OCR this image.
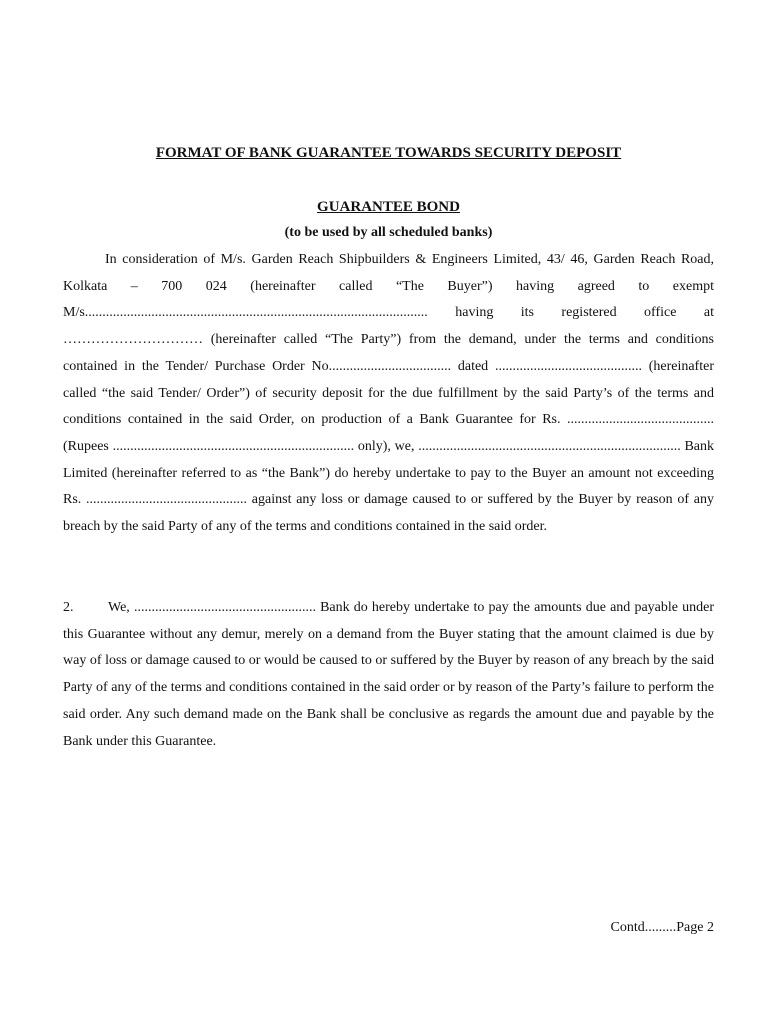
FORMAT OF BANK GUARANTEE TOWARDS SECURITY DEPOSIT
GUARANTEE BOND
(to be used by all scheduled banks)

In consideration of M/s. Garden Reach Shipbuilders & Engineers Limited, 43/ 46, Garden Reach Road, Kolkata – 700 024 (hereinafter called “The Buyer”) having agreed to exempt M/s.................................................................................................. having its registered office at ………………………… (hereinafter called “The Party”) from the demand, under the terms and conditions contained in the Tender/ Purchase Order No................................... dated .......................................... (hereinafter called “the said Tender/ Order”) of security deposit for the due fulfillment by the said Party’s of the terms and conditions contained in the said Order, on production of a Bank Guarantee for Rs. .......................................... (Rupees ..................................................................... only), we, ........................................................................... Bank Limited (hereinafter referred to as “the Bank”) do hereby undertake to pay to the Buyer an amount not exceeding Rs. .............................................. against any loss or damage caused to or suffered by the Buyer by reason of any breach by the said Party of any of the terms and conditions contained in the said order.

2. We, .................................................... Bank do hereby undertake to pay the amounts due and payable under this Guarantee without any demur, merely on a demand from the Buyer stating that the amount claimed is due by way of loss or damage caused to or would be caused to or suffered by the Buyer by reason of any breach by the said Party of any of the terms and conditions contained in the said order or by reason of the Party’s failure to perform the said order. Any such demand made on the Bank shall be conclusive as regards the amount due and payable by the Bank under this Guarantee.

Contd.........Page 2
